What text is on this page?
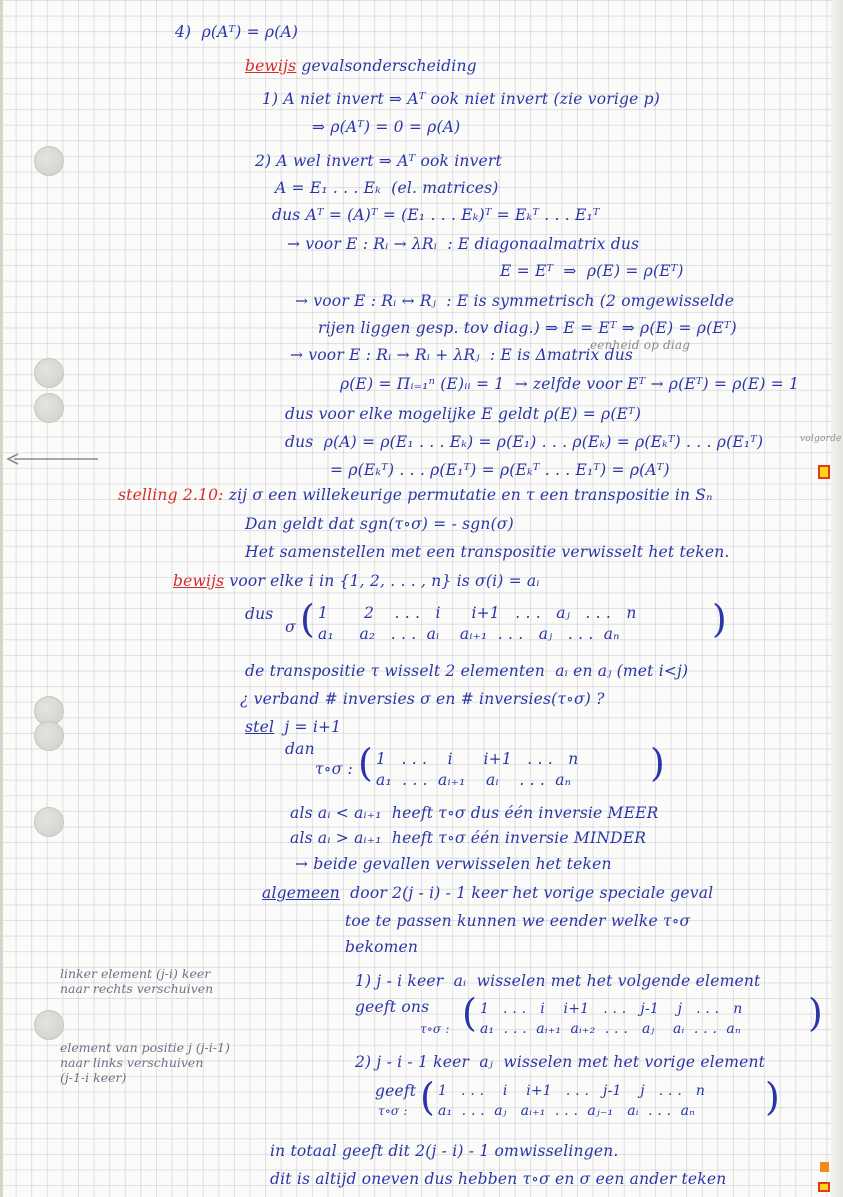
4)  ρ(Aᵀ) = ρ(A)
bewijs gevalsonderscheiding
1) A niet invert ⇒ Aᵀ ook niet invert (zie vorige p)
⇒ ρ(Aᵀ) = 0 = ρ(A)
2) A wel invert ⇒ Aᵀ ook invert
A = E₁ . . . Eₖ  (el. matrices)
dus Aᵀ = (A)ᵀ = (E₁ . . . Eₖ)ᵀ = Eₖᵀ . . . E₁ᵀ
→ voor E : Rᵢ → λRᵢ  : E diagonaalmatrix dus
E = Eᵀ  ⇒  ρ(E) = ρ(Eᵀ)
→ voor E : Rᵢ ↔ Rⱼ  : E is symmetrisch (2 omgewisselde
rijen liggen gesp. tov diag.) ⇒ E = Eᵀ ⇒ ρ(E) = ρ(Eᵀ)
eenheid op diag
→ voor E : Rᵢ → Rᵢ + λRⱼ  : E is Δmatrix dus
ρ(E) = Πᵢ₌₁ⁿ (E)ᵢᵢ = 1  → zelfde voor Eᵀ → ρ(Eᵀ) = ρ(E) = 1
dus voor elke mogelijke E geldt ρ(E) = ρ(Eᵀ)
dus  ρ(A) = ρ(E₁ . . . Eₖ) = ρ(E₁) . . . ρ(Eₖ) = ρ(Eₖᵀ) . . . ρ(E₁ᵀ)	volgorde
= ρ(Eₖᵀ) . . . ρ(E₁ᵀ) = ρ(Eₖᵀ . . . E₁ᵀ) = ρ(Aᵀ)
stelling 2.10: zij σ een willekeurige permutatie en τ een transpositie in Sₙ
Dan geldt dat sgn(τ∘σ) = - sgn(σ)
Het samenstellen met een transpositie verwisselt het teken.
bewijs voor elke i in {1, 2, . . . , n} is σ(i) = aᵢ
dus
σ ( 1       2    . . .   i      i+1   . . .   aⱼ   . . .   n
a₁     a₂   . . .  aᵢ    aᵢ₊₁  . . .   aⱼ   . . .  aₙ )
de transpositie τ wisselt 2 elementen  aᵢ en aⱼ (met i<j)
¿ verband # inversies σ en # inversies(τ∘σ) ?
stel  j = i+1
dan
τ∘σ : ( 1   . . .    i      i+1   . . .   n
a₁  . . .  aᵢ₊₁    aᵢ    . . .  aₙ )
als aᵢ < aᵢ₊₁  heeft τ∘σ dus één inversie MEER
als aᵢ > aᵢ₊₁  heeft τ∘σ één inversie MINDER
→ beide gevallen verwisselen het teken
algemeen  door 2(j - i) - 1 keer het vorige speciale geval
toe te passen kunnen we eender welke τ∘σ
bekomen
linker element (j-i) keer
naar rechts verschuiven	1) j - i keer  aᵢ  wisselen met het volgende element
geeft ons
τ∘σ : ( 1   . . .   i    i+1   . . .   j-1    j   . . .   n
a₁  . . .  aᵢ₊₁  aᵢ₊₂  . . .   aⱼ    aᵢ  . . .  aₙ )
element van positie j (j-i-1)
naar links verschuiven
(j-1-i keer)
2) j - i - 1 keer  aⱼ  wisselen met het vorige element
geeft
τ∘σ : ( 1   . . .    i    i+1   . . .   j-1    j   . . .   n
a₁  . . .  aⱼ   aᵢ₊₁  . . .  aⱼ₋₁   aᵢ  . . .  aₙ )
in totaal geeft dit 2(j - i) - 1 omwisselingen.
dit is altijd oneven dus hebben τ∘σ en σ een ander teken
